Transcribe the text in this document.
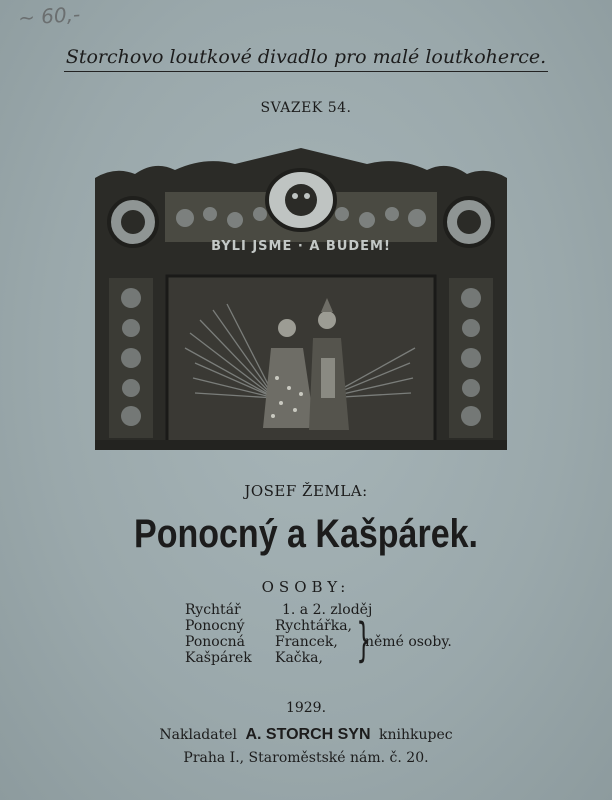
~ 60,-
Storchovo loutkové divadlo pro malé loutkoherce.
SVAZEK 54.
BYLI JSME · A BUDEM!
JOSEF ŽEMLA:
Ponocný a Kašpárek.
OSOBY:
Rychtář
Ponocný
Ponocná
Kašpárek
1. a 2. zloděj
Rychtářka,
Francek,
Kačka, }
němé osoby.
1929.
Nakladatel A. STORCH SYN knihkupec
Praha I., Staroměstské nám. č. 20.
